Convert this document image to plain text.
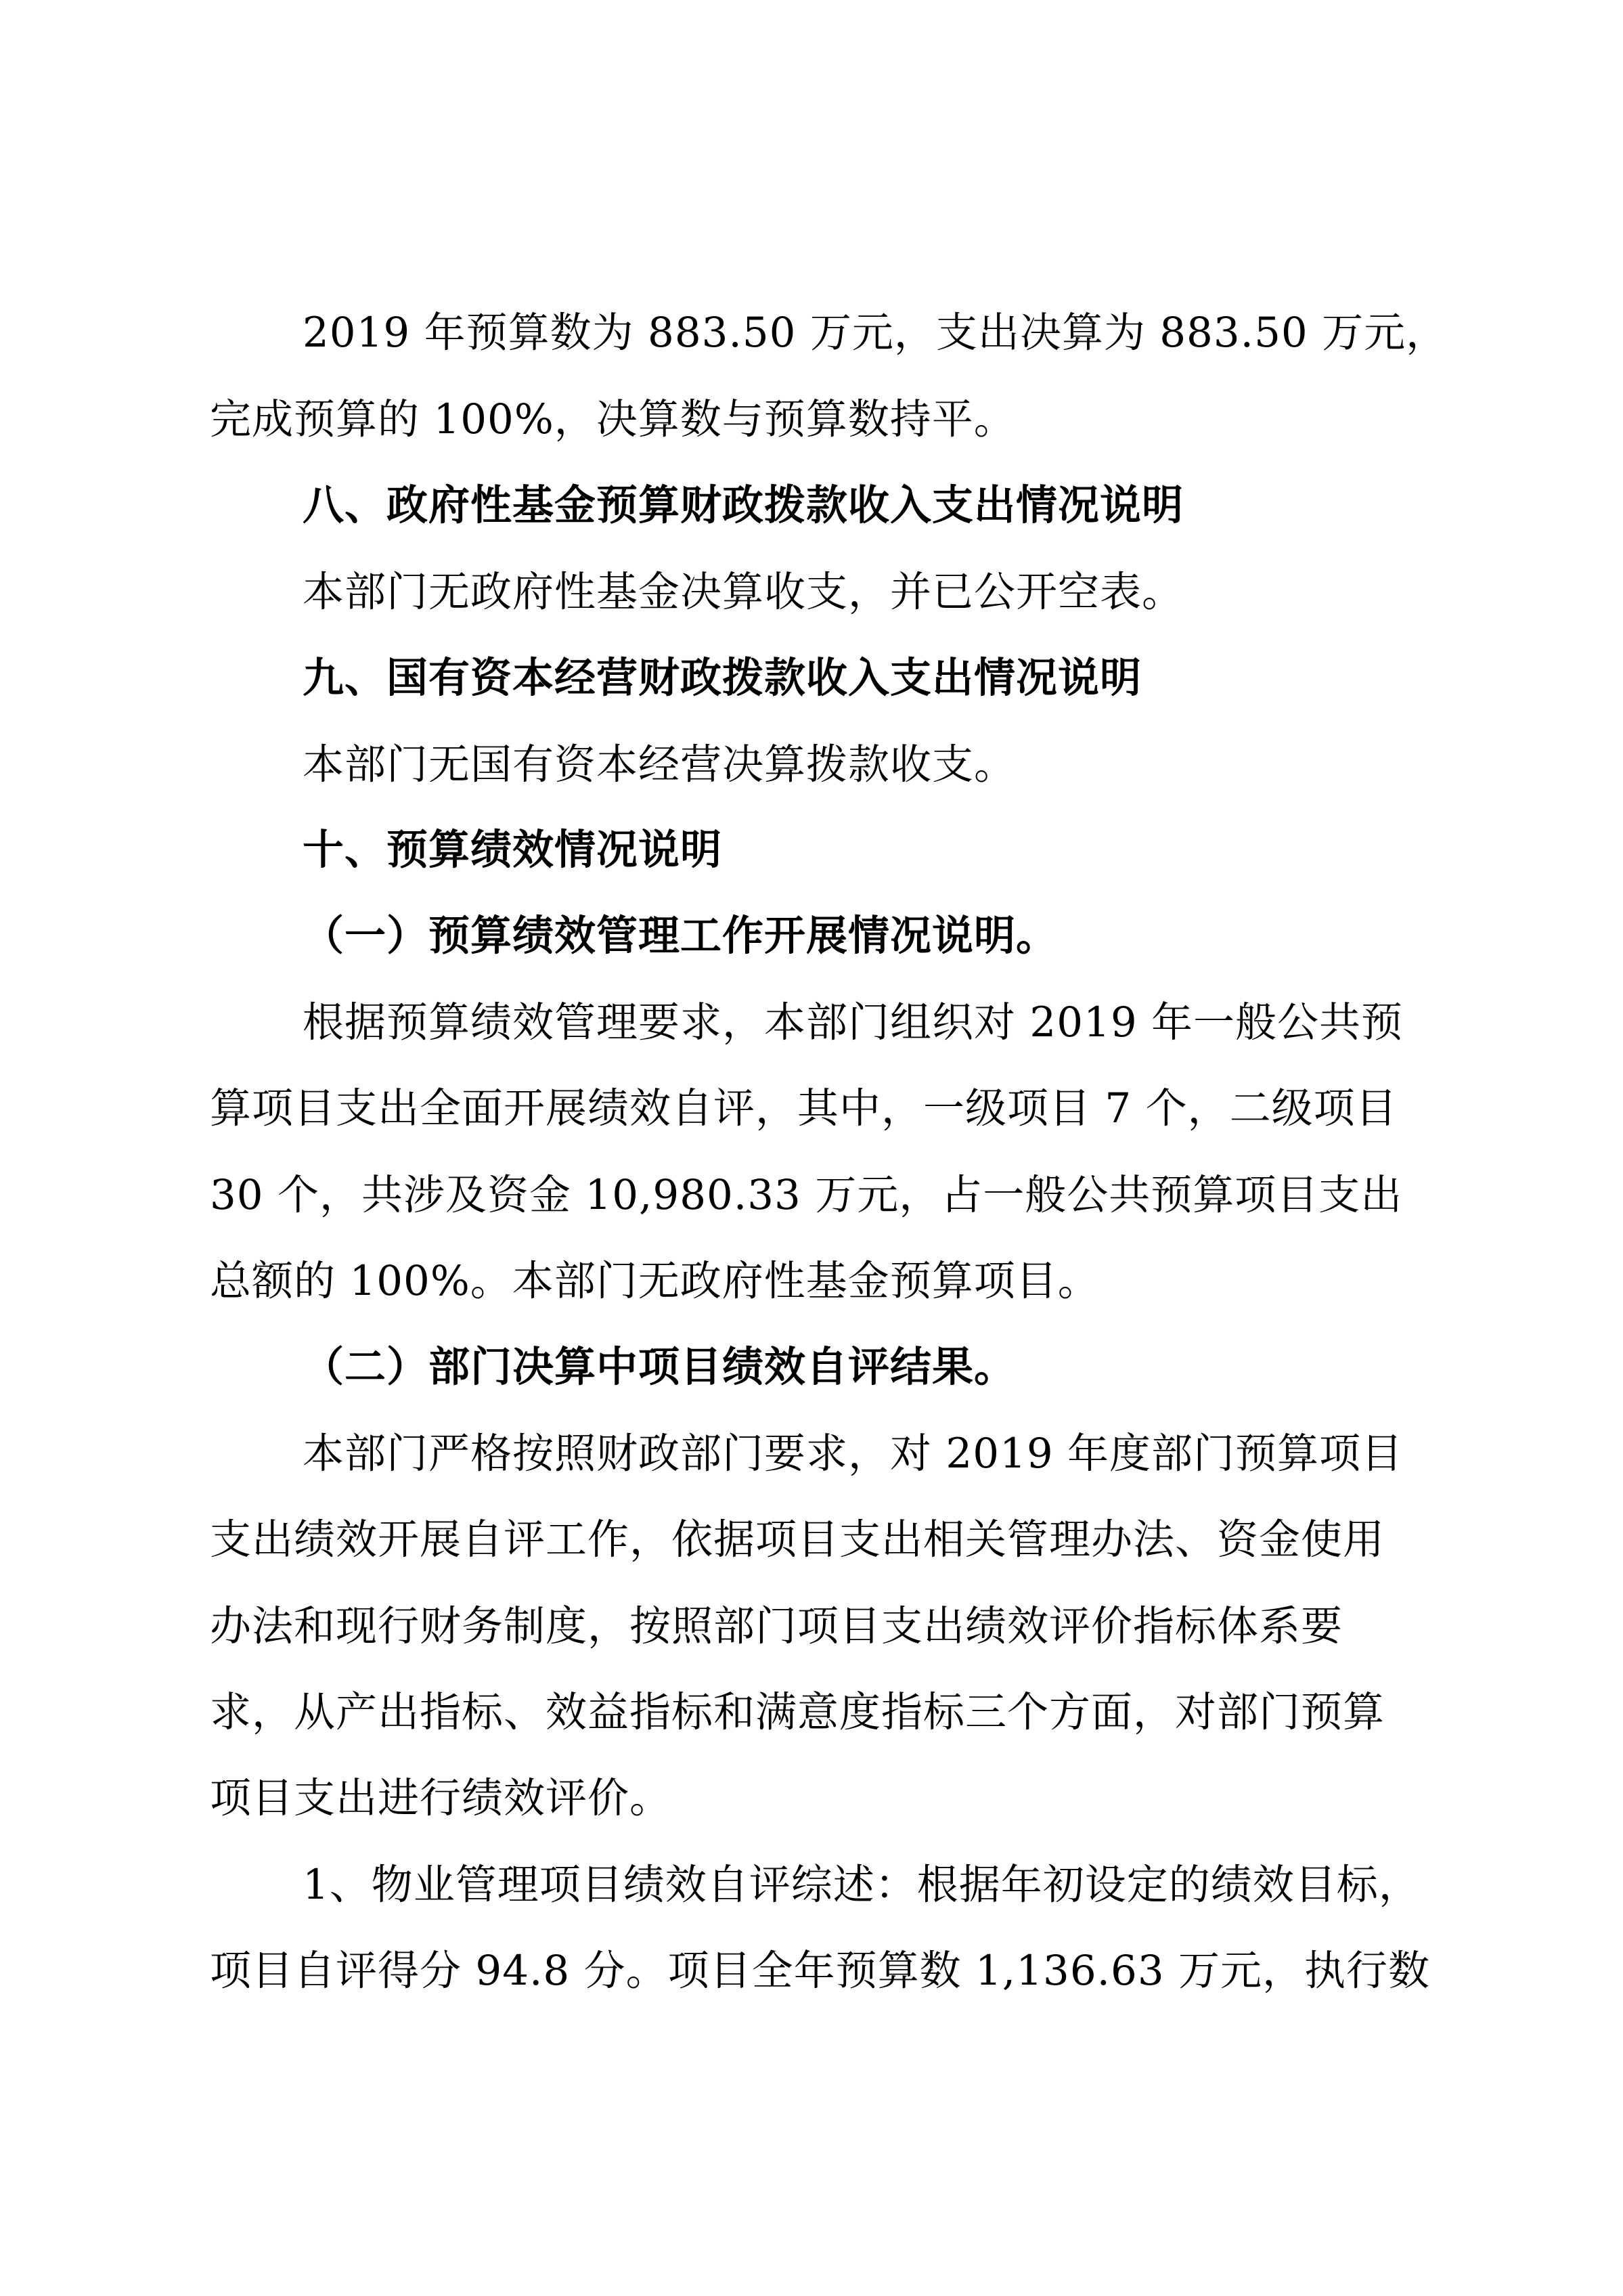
2019 年预算数为 883.50 万元，支出决算为 883.50 万元，
完成预算的 100%，决算数与预算数持平。
八、政府性基金预算财政拨款收入支出情况说明
本部门无政府性基金决算收支，并已公开空表。
九、国有资本经营财政拨款收入支出情况说明
本部门无国有资本经营决算拨款收支。
十、预算绩效情况说明
（一）预算绩效管理工作开展情况说明。
根据预算绩效管理要求，本部门组织对 2019 年一般公共预
算项目支出全面开展绩效自评，其中，一级项目 7 个，二级项目
30 个，共涉及资金 10,980.33 万元，占一般公共预算项目支出
总额的 100%。本部门无政府性基金预算项目。
（二）部门决算中项目绩效自评结果。
本部门严格按照财政部门要求，对 2019 年度部门预算项目
支出绩效开展自评工作，依据项目支出相关管理办法、资金使用
办法和现行财务制度，按照部门项目支出绩效评价指标体系要
求，从产出指标、效益指标和满意度指标三个方面，对部门预算
项目支出进行绩效评价。
1、物业管理项目绩效自评综述：根据年初设定的绩效目标，
项目自评得分 94.8 分。项目全年预算数 1,136.63 万元，执行数
